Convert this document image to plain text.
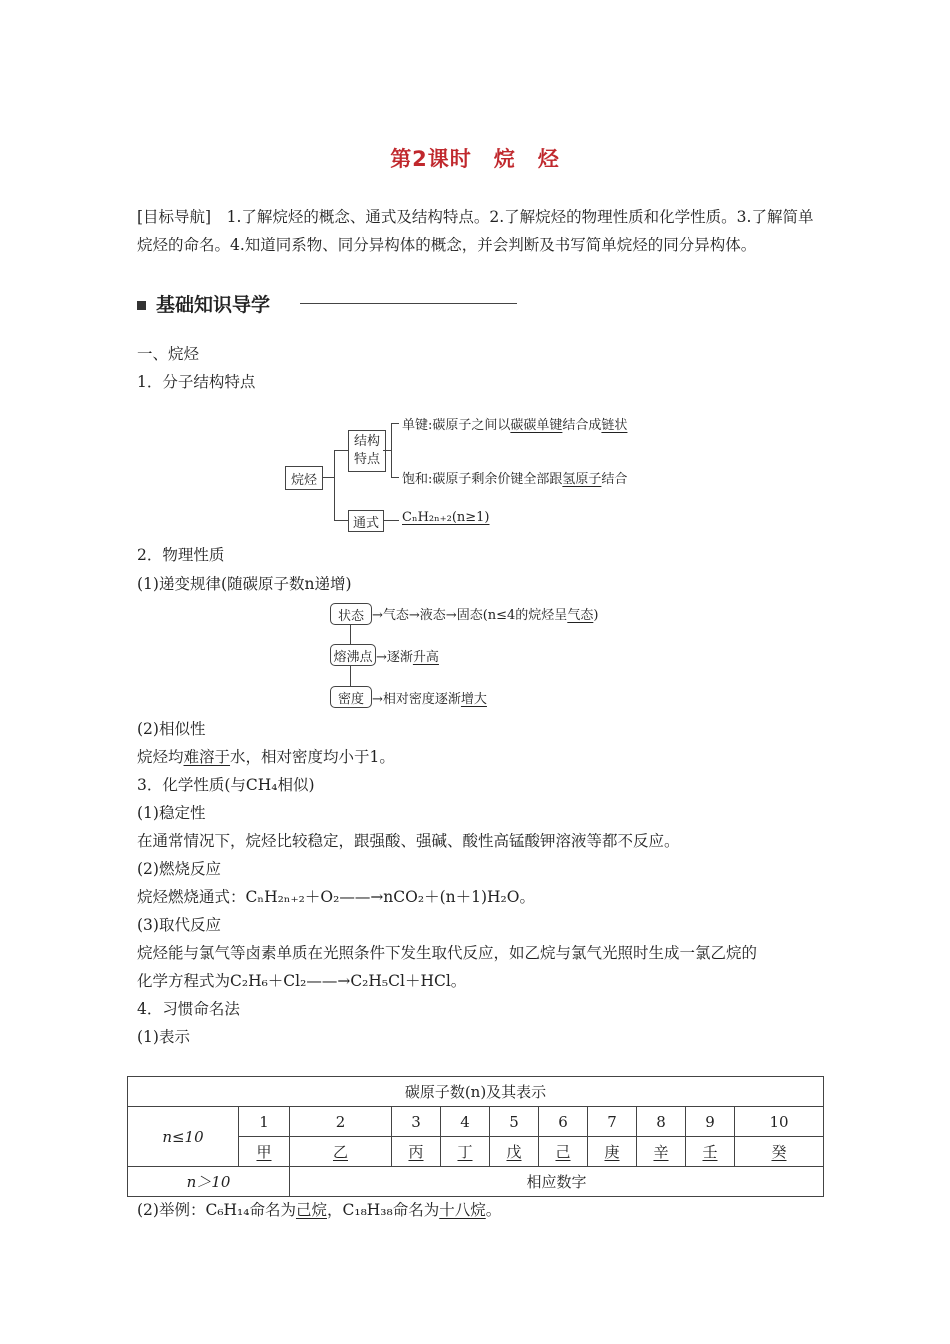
第2课时　烷　烃
[目标导航]　1.了解烷烃的概念、通式及结构特点。2.了解烷烃的物理性质和化学性质。3.了解简单烷烃的命名。4.知道同系物、同分异构体的概念，并会判断及书写简单烷烃的同分异构体。
基础知识导学
一、烷烃
1．分子结构特点
烷烃
结构特点
通式
单键:碳原子之间以碳碳单键结合成链状
饱和:碳原子剩余价键全部跟氢原子结合
CₙH₂ₙ₊₂(n≥1)
2．物理性质
(1)递变规律(随碳原子数n递增)
状态
熔沸点
密度
→气态→液态→固态(n≤4的烷烃呈气态)
→逐渐升高
→相对密度逐渐增大
(2)相似性
烷烃均难溶于水，相对密度均小于1。
3．化学性质(与CH₄相似)
(1)稳定性
在通常情况下，烷烃比较稳定，跟强酸、强碱、酸性高锰酸钾溶液等都不反应。
(2)燃烧反应
烷烃燃烧通式：CₙH₂ₙ₊₂＋O₂——→nCO₂＋(n＋1)H₂O。
(3)取代反应
烷烃能与氯气等卤素单质在光照条件下发生取代反应，如乙烷与氯气光照时生成一氯乙烷的
化学方程式为C₂H₆＋Cl₂——→C₂H₅Cl＋HCl。
4．习惯命名法
(1)表示
碳原子数(n)及其表示										
n≤10	1	2	3	4	5	6	7	8	9	10
	甲	乙	丙	丁	戊	己	庚	辛	壬	癸
n＞10		相应数字								
(2)举例：C₆H₁₄命名为己烷，C₁₈H₃₈命名为十八烷。
